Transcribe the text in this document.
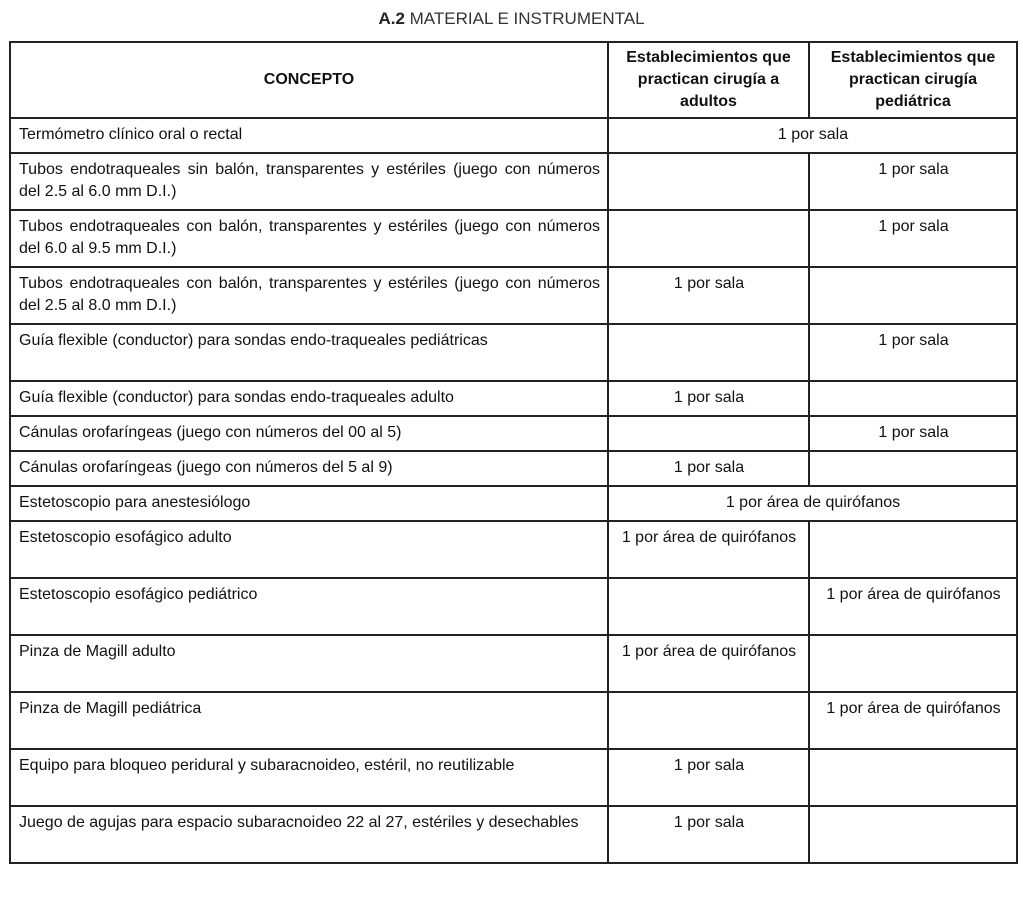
A.2 MATERIAL E INSTRUMENTAL
CONCEPTO	Establecimientos que practican cirugía a adultos	Establecimientos que practican cirugía pediátrica
Termómetro clínico oral o rectal	1 por sala	
Tubos endotraqueales sin balón, transparentes y estériles (juego con números del 2.5 al 6.0 mm D.I.)		1 por sala
Tubos endotraqueales con balón, transparentes y estériles (juego con números del 6.0 al 9.5 mm D.I.)		1 por sala
Tubos endotraqueales con balón, transparentes y estériles (juego con números del 2.5 al 8.0 mm D.I.)	1 por sala	
Guía flexible (conductor) para sondas endo-traqueales pediátricas		1 por sala
Guía flexible (conductor) para sondas endo-traqueales adulto	1 por sala	
Cánulas orofaríngeas (juego con números del 00 al 5)		1 por sala
Cánulas orofaríngeas (juego con números del 5 al 9)	1 por sala	
Estetoscopio para anestesiólogo	1 por área de quirófanos	
Estetoscopio esofágico adulto	1 por área de quirófanos	
Estetoscopio esofágico pediátrico		1 por área de quirófanos
Pinza de Magill adulto	1 por área de quirófanos	
Pinza de Magill pediátrica		1 por área de quirófanos
Equipo para bloqueo peridural y subaracnoideo, estéril, no reutilizable	1 por sala	
Juego de agujas para espacio subaracnoideo 22 al 27, estériles y desechables	1 por sala	
